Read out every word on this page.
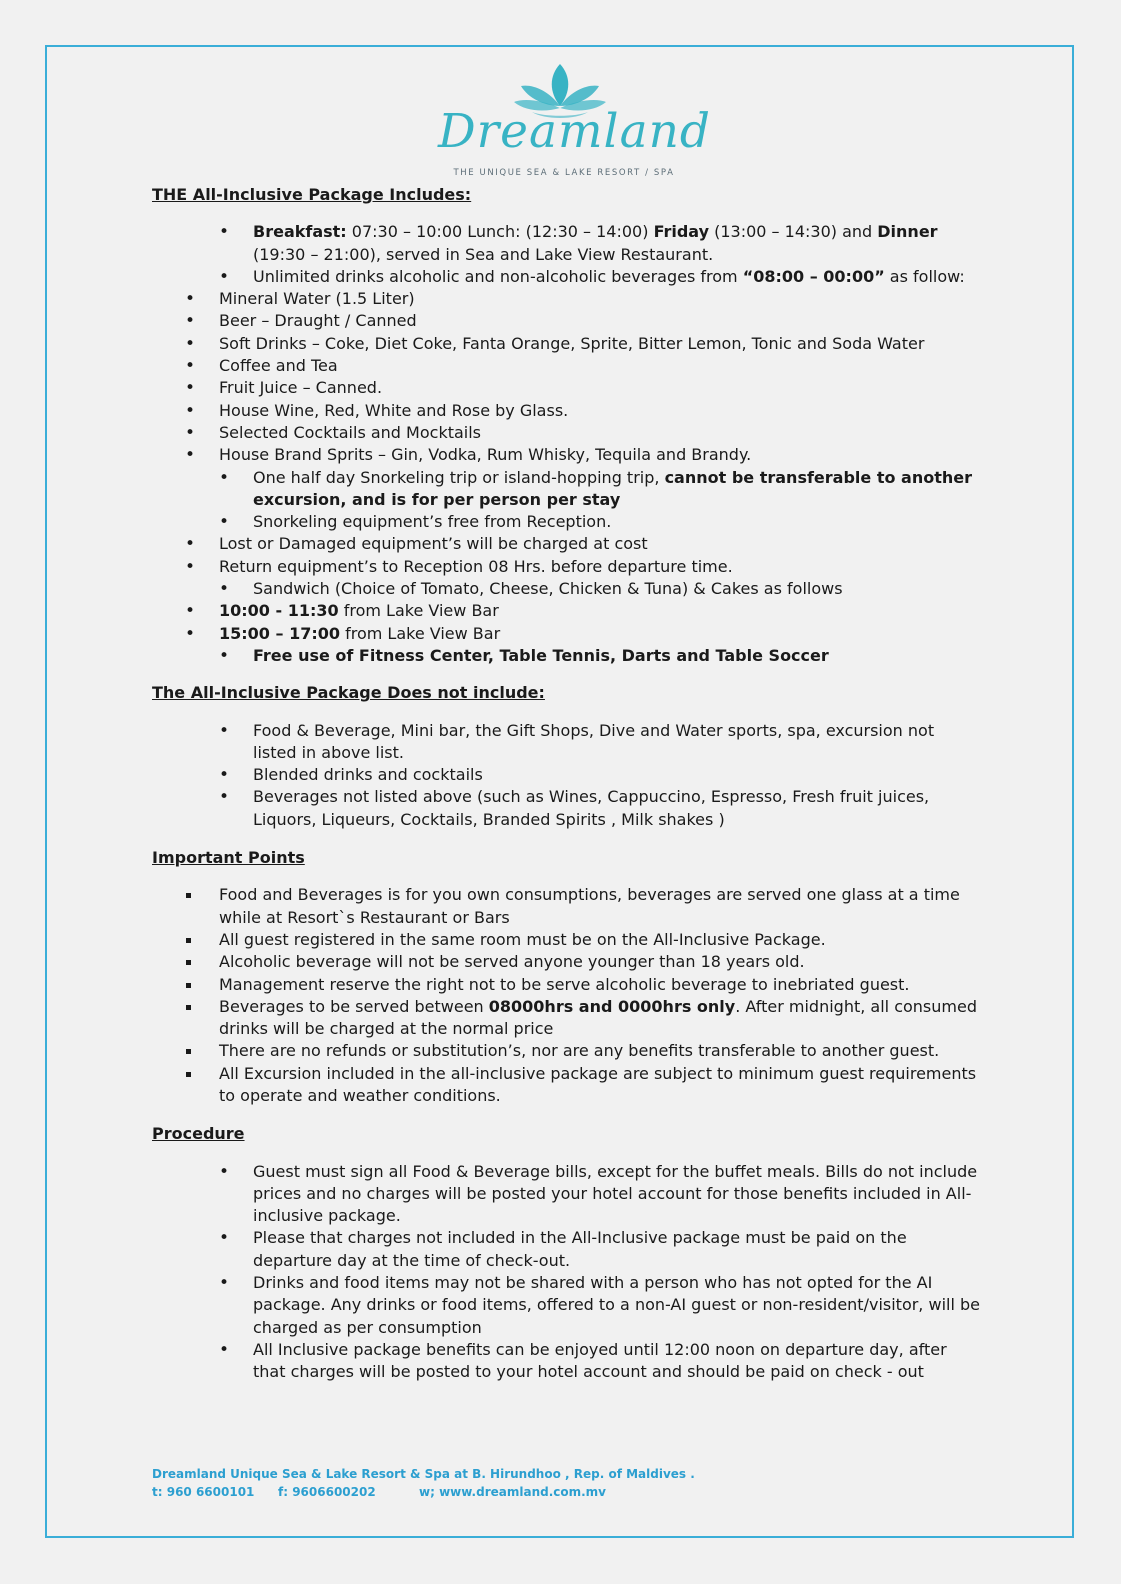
Dreamland
THE UNIQUE SEA & LAKE RESORT / SPA

THE All-Inclusive Package Includes:

• Breakfast: 07:30 – 10:00 Lunch: (12:30 – 14:00) Friday (13:00 – 14:30) and Dinner (19:30 – 21:00), served in Sea and Lake View Restaurant.
• Unlimited drinks alcoholic and non-alcoholic beverages from “08:00 – 00:00” as follow:
• Mineral Water (1.5 Liter)
• Beer – Draught / Canned
• Soft Drinks – Coke, Diet Coke, Fanta Orange, Sprite, Bitter Lemon, Tonic and Soda Water
• Coffee and Tea
• Fruit Juice – Canned.
• House Wine, Red, White and Rose by Glass.
• Selected Cocktails and Mocktails
• House Brand Sprits – Gin, Vodka, Rum Whisky, Tequila and Brandy.
• One half day Snorkeling trip or island-hopping trip, cannot be transferable to another excursion, and is for per person per stay
• Snorkeling equipment’s free from Reception.
• Lost or Damaged equipment’s will be charged at cost
• Return equipment’s to Reception 08 Hrs. before departure time.
• Sandwich (Choice of Tomato, Cheese, Chicken & Tuna) & Cakes as follows
• 10:00 - 11:30 from Lake View Bar
• 15:00 – 17:00 from Lake View Bar
• Free use of Fitness Center, Table Tennis, Darts and Table Soccer

The All-Inclusive Package Does not include:

• Food & Beverage, Mini bar, the Gift Shops, Dive and Water sports, spa, excursion not listed in above list.
• Blended drinks and cocktails
• Beverages not listed above (such as Wines, Cappuccino, Espresso, Fresh fruit juices, Liquors, Liqueurs, Cocktails, Branded Spirits , Milk shakes )

Important Points

Food and Beverages is for you own consumptions, beverages are served one glass at a time while at Resort`s Restaurant or Bars
All guest registered in the same room must be on the All-Inclusive Package.
Alcoholic beverage will not be served anyone younger than 18 years old.
Management reserve the right not to be serve alcoholic beverage to inebriated guest.
Beverages to be served between 08000hrs and 0000hrs only. After midnight, all consumed drinks will be charged at the normal price
There are no refunds or substitution’s, nor are any benefits transferable to another guest.
All Excursion included in the all-inclusive package are subject to minimum guest requirements to operate and weather conditions.

Procedure

• Guest must sign all Food & Beverage bills, except for the buffet meals. Bills do not include prices and no charges will be posted your hotel account for those benefits included in All-inclusive package.
• Please that charges not included in the All-Inclusive package must be paid on the departure day at the time of check-out.
• Drinks and food items may not be shared with a person who has not opted for the AI package. Any drinks or food items, offered to a non-AI guest or non-resident/visitor, will be charged as per consumption
• All Inclusive package benefits can be enjoyed until 12:00 noon on departure day, after that charges will be posted to your hotel account and should be paid on check - out
Dreamland Unique Sea & Lake Resort & Spa at B. Hirundhoo , Rep. of Maldives .
t: 960 6600101 f: 9606600202	w; www.dreamland.com.mv
